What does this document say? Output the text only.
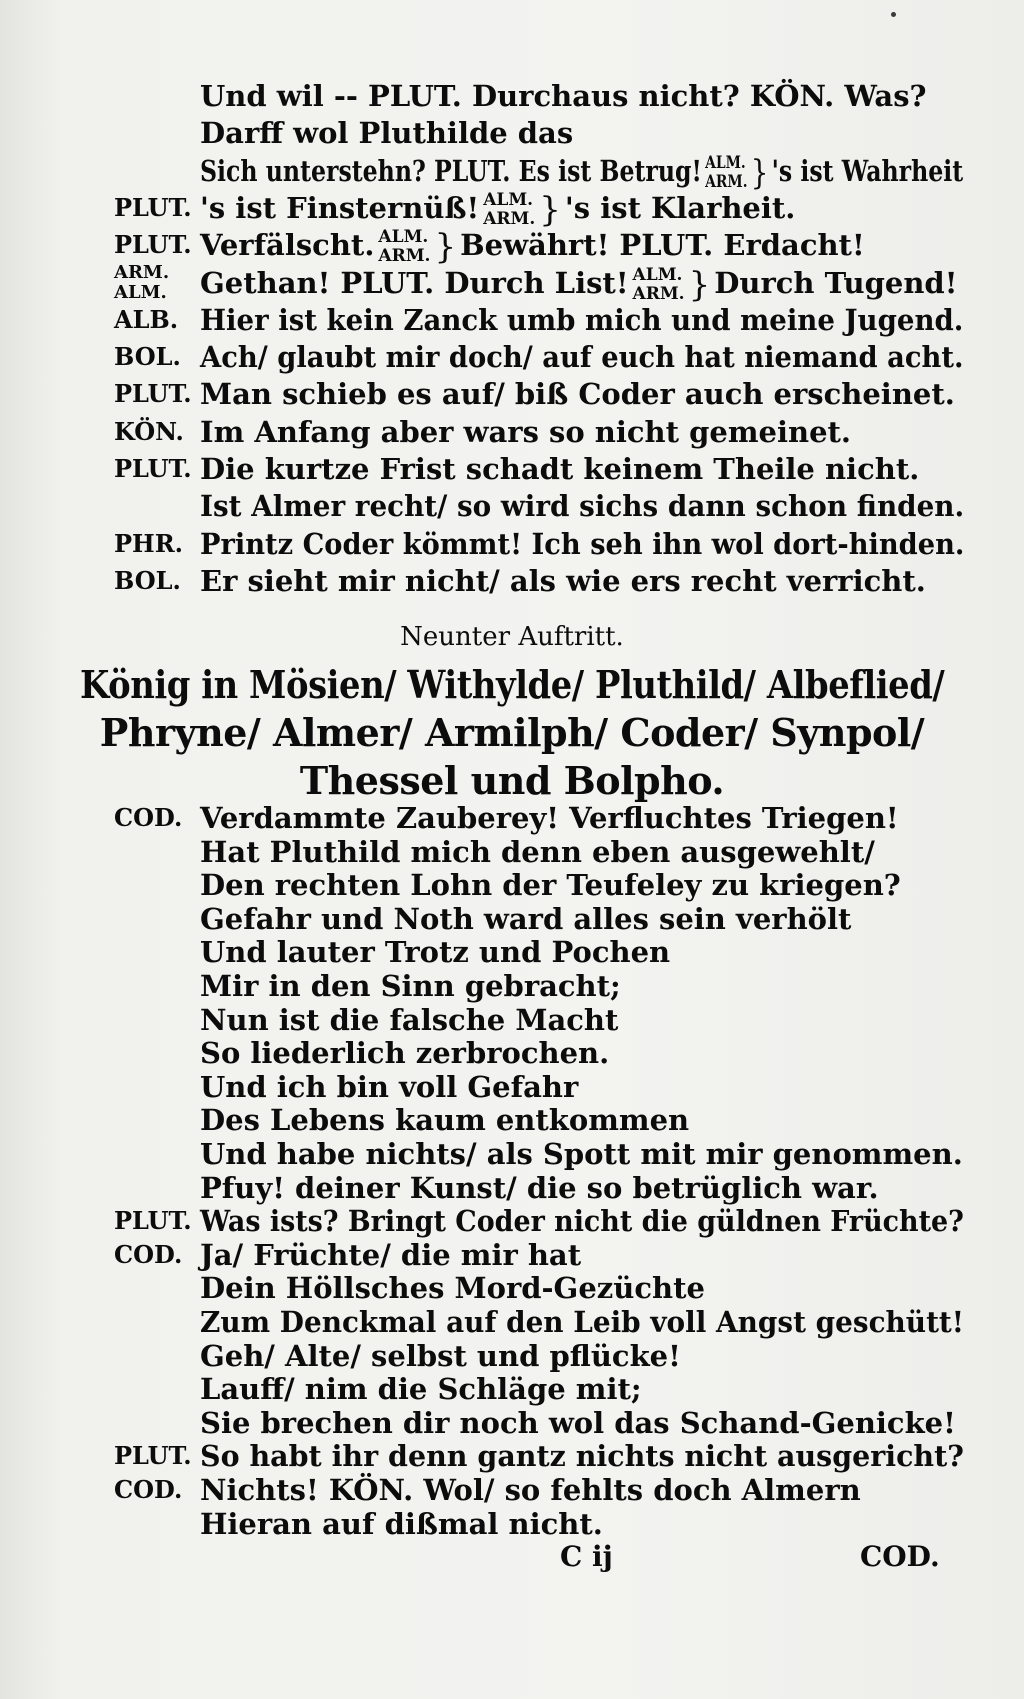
Und wil -- PLUT. Durchaus nicht? KÖN. Was?
Darff wol Pluthilde das
Sich unterstehn? PLUT. Es ist Betrug! ALM.
ARM. } 's ist Wahrheit
PLUT. 's ist Finsternüß! ALM.
ARM. } 's ist Klarheit.
PLUT. Verfälscht. ALM.
ARM. } Bewährt! PLUT. Erdacht!
ARM.
ALM. Gethan! PLUT. Durch List! ALM.
ARM. } Durch Tugend!
ALB. Hier ist kein Zanck umb mich und meine Jugend.
BOL. Ach/ glaubt mir doch/ auf euch hat niemand acht.
PLUT. Man schieb es auf/ biß Coder auch erscheinet.
KÖN. Im Anfang aber wars so nicht gemeinet.
PLUT. Die kurtze Frist schadt keinem Theile nicht.
Ist Almer recht/ so wird sichs dann schon finden.
PHR. Printz Coder kömmt! Ich seh ihn wol dort-hinden.
BOL. Er sieht mir nicht/ als wie ers recht verricht.
Neunter Auftritt.
König in Mösien/ Withylde/ Pluthild/ Albeflied/
Phryne/ Almer/ Armilph/ Coder/ Synpol/
Thessel und Bolpho.
COD. Verdammte Zauberey! Verfluchtes Triegen!
Hat Pluthild mich denn eben ausgewehlt/
Den rechten Lohn der Teufeley zu kriegen?
Gefahr und Noth ward alles sein verhölt
Und lauter Trotz und Pochen
Mir in den Sinn gebracht;
Nun ist die falsche Macht
So liederlich zerbrochen.
Und ich bin voll Gefahr
Des Lebens kaum entkommen
Und habe nichts/ als Spott mit mir genommen.
Pfuy! deiner Kunst/ die so betrüglich war.
PLUT. Was ists? Bringt Coder nicht die güldnen Früchte?
COD. Ja/ Früchte/ die mir hat
Dein Höllsches Mord-Gezüchte
Zum Denckmal auf den Leib voll Angst geschütt!
Geh/ Alte/ selbst und pflücke!
Lauff/ nim die Schläge mit;
Sie brechen dir noch wol das Schand-Genicke!
PLUT. So habt ihr denn gantz nichts nicht ausgericht?
COD. Nichts! KÖN. Wol/ so fehlts doch Almern
Hieran auf dißmal nicht.
C ij	COD.
